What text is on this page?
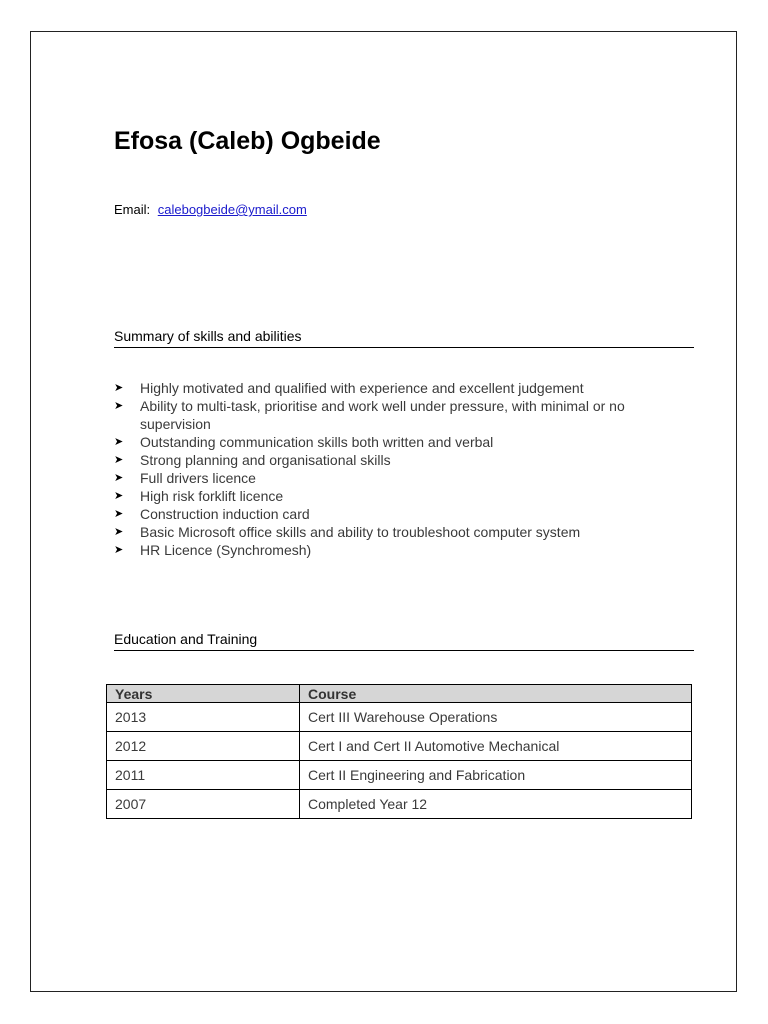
Efosa (Caleb) Ogbeide
Email: calebogbeide@ymail.com
Summary of skills and abilities
➤ Highly motivated and qualified with experience and excellent judgement
➤ Ability to multi-task, prioritise and work well under pressure, with minimal or no supervision
➤ Outstanding communication skills both written and verbal
➤ Strong planning and organisational skills
➤ Full drivers licence
➤ High risk forklift licence
➤ Construction induction card
➤ Basic Microsoft office skills and ability to troubleshoot computer system
➤ HR Licence (Synchromesh)
Education and Training
Years	Course
2013	Cert III Warehouse Operations
2012	Cert I and Cert II Automotive Mechanical
2011	Cert II Engineering and Fabrication
2007	Completed Year 12
